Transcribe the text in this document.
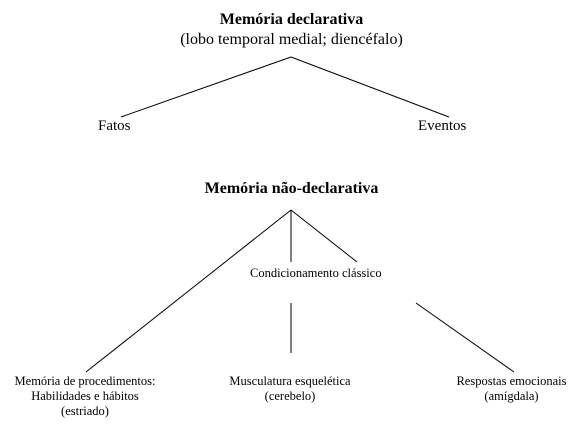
Memória declarativa
(lobo temporal medial; diencéfalo)
Fatos	Eventos
Memória não-declarativa
Condicionamento clássico
Memória de procedimentos:
Habilidades e hábitos
(estriado)
Musculatura esquelética
(cerebelo)
Respostas emocionais
(amígdala)
